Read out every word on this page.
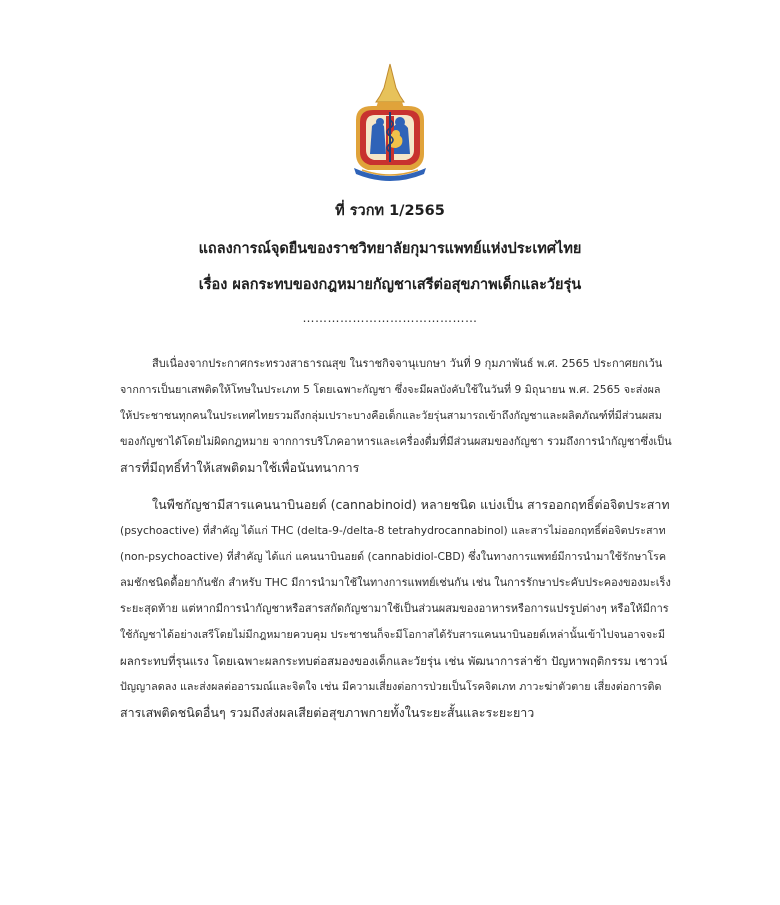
ที่ รวกท 1/2565
แถลงการณ์จุดยืนของราชวิทยาลัยกุมารแพทย์แห่งประเทศไทย
เรื่อง ผลกระทบของกฎหมายกัญชาเสรีต่อสุขภาพเด็กและวัยรุ่น
……………………………………
สืบเนื่องจากประกาศกระทรวงสาธารณสุข ในราชกิจจานุเบกษา วันที่ 9 กุมภาพันธ์ พ.ศ. 2565 ประกาศยกเว้น
จากการเป็นยาเสพติดให้โทษในประเภท 5 โดยเฉพาะกัญชา ซึ่งจะมีผลบังคับใช้ในวันที่ 9 มิถุนายน พ.ศ. 2565 จะส่งผล
ให้ประชาชนทุกคนในประเทศไทยรวมถึงกลุ่มเปราะบางคือเด็กและวัยรุ่นสามารถเข้าถึงกัญชาและผลิตภัณฑ์ที่มีส่วนผสม
ของกัญชาได้โดยไม่ผิดกฎหมาย จากการบริโภคอาหารและเครื่องดื่มที่มีส่วนผสมของกัญชา รวมถึงการนำกัญชาซึ่งเป็น
สารที่มีฤทธิ์ทำให้เสพติดมาใช้เพื่อนันทนาการ
ในพืชกัญชามีสารแคนนาบินอยด์ (cannabinoid) หลายชนิด แบ่งเป็น สารออกฤทธิ์ต่อจิตประสาท
(psychoactive) ที่สำคัญ ได้แก่ THC (delta-9-/delta-8 tetrahydrocannabinol) และสารไม่ออกฤทธิ์ต่อจิตประสาท
(non-psychoactive) ที่สำคัญ ได้แก่ แคนนาบินอยด์ (cannabidiol-CBD) ซึ่งในทางการแพทย์มีการนำมาใช้รักษาโรค
ลมชักชนิดดื้อยากันชัก สำหรับ THC มีการนำมาใช้ในทางการแพทย์เช่นกัน เช่น ในการรักษาประคับประคองของมะเร็ง
ระยะสุดท้าย แต่หากมีการนำกัญชาหรือสารสกัดกัญชามาใช้เป็นส่วนผสมของอาหารหรือการแปรรูปต่างๆ หรือให้มีการ
ใช้กัญชาได้อย่างเสรีโดยไม่มีกฎหมายควบคุม ประชาชนก็จะมีโอกาสได้รับสารแคนนาบินอยด์เหล่านั้นเข้าไปจนอาจจะมี
ผลกระทบที่รุนแรง โดยเฉพาะผลกระทบต่อสมองของเด็กและวัยรุ่น เช่น พัฒนาการล่าช้า ปัญหาพฤติกรรม เชาวน์
ปัญญาลดลง และส่งผลต่ออารมณ์และจิตใจ เช่น มีความเสี่ยงต่อการป่วยเป็นโรคจิตเภท ภาวะฆ่าตัวตาย เสี่ยงต่อการติด
สารเสพติดชนิดอื่นๆ รวมถึงส่งผลเสียต่อสุขภาพกายทั้งในระยะสั้นและระยะยาว
